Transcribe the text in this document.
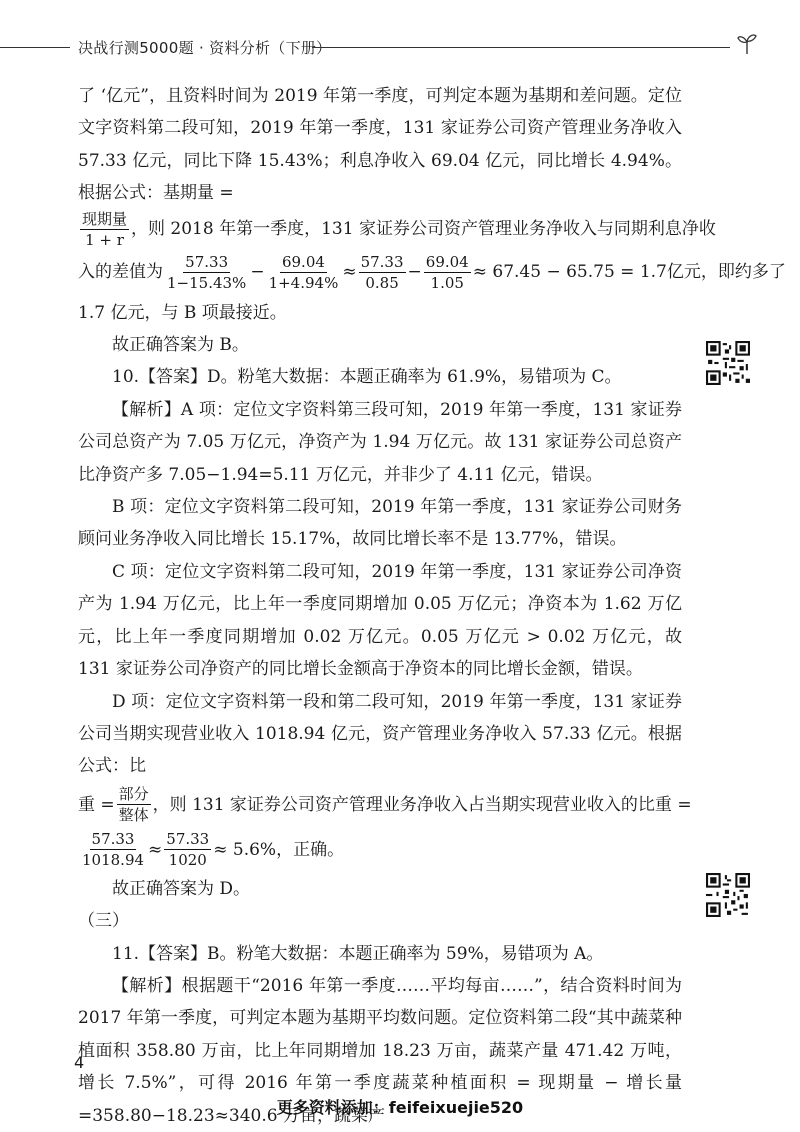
决战行测5000题 · 资料分析（下册）

了 ‘亿元”，且资料时间为 2019 年第一季度，可判定本题为基期和差问题。定位文字资料第二段可知，2019 年第一季度，131 家证券公司资产管理业务净收入 57.33 亿元，同比下降 15.43%；利息净收入 69.04 亿元，同比增长 4.94%。根据公式：基期量 =

$\frac{\text{现期量}}{1 + r}$ ，则 2018 年第一季度，131 家证券公司资产管理业务净收入与同期利息净收
入的差值为 $\frac{57.33}{1-15.43\%} - \frac{69.04}{1+4.94\%} \approx \frac{57.33}{0.85} - \frac{69.04}{1.05} \approx 67.45 - 65.75 = 1.7$亿元，即约多了

1.7 亿元，与 B 项最接近。

故正确答案为 B。

10.【答案】D。粉笔大数据：本题正确率为 61.9%，易错项为 C。

【解析】A 项：定位文字资料第三段可知，2019 年第一季度，131 家证券公司总资产为 7.05 万亿元，净资产为 1.94 万亿元。故 131 家证券公司总资产比净资产多 7.05−1.94=5.11 万亿元，并非少了 4.11 亿元，错误。

B 项：定位文字资料第二段可知，2019 年第一季度，131 家证券公司财务顾问业务净收入同比增长 15.17%，故同比增长率不是 13.77%，错误。

C 项：定位文字资料第二段可知，2019 年第一季度，131 家证券公司净资产为 1.94 万亿元，比上年一季度同期增加 0.05 万亿元；净资本为 1.62 万亿元，比上年一季度同期增加 0.02 万亿元。0.05 万亿元 > 0.02 万亿元，故 131 家证券公司净资产的同比增长金额高于净资本的同比增长金额，错误。

D 项：定位文字资料第一段和第二段可知，2019 年第一季度，131 家证券公司当期实现营业收入 1018.94 亿元，资产管理业务净收入 57.33 亿元。根据公式：比

重 = $\frac{\text{部分}}{\text{整体}}$ ，则 131 家证券公司资产管理业务净收入占当期实现营业收入的比重 =
$\frac{57.33}{1018.94} \approx \frac{57.33}{1020} \approx 5.6\%$，正确。

故正确答案为 D。

（三）

11.【答案】B。粉笔大数据：本题正确率为 59%，易错项为 A。

【解析】根据题干“2016 年第一季度……平均每亩……”，结合资料时间为 2017 年第一季度，可判定本题为基期平均数问题。定位资料第二段“其中蔬菜种植面积 358.80 万亩，比上年同期增加 18.23 万亩，蔬菜产量 471.42 万吨，增长 7.5%”，可得 2016 年第一季度蔬菜种植面积 = 现期量 − 增长量 =358.80−18.23≈340.6 万亩，蔬菜产

4
更多资料添加：feifeixuejie520
